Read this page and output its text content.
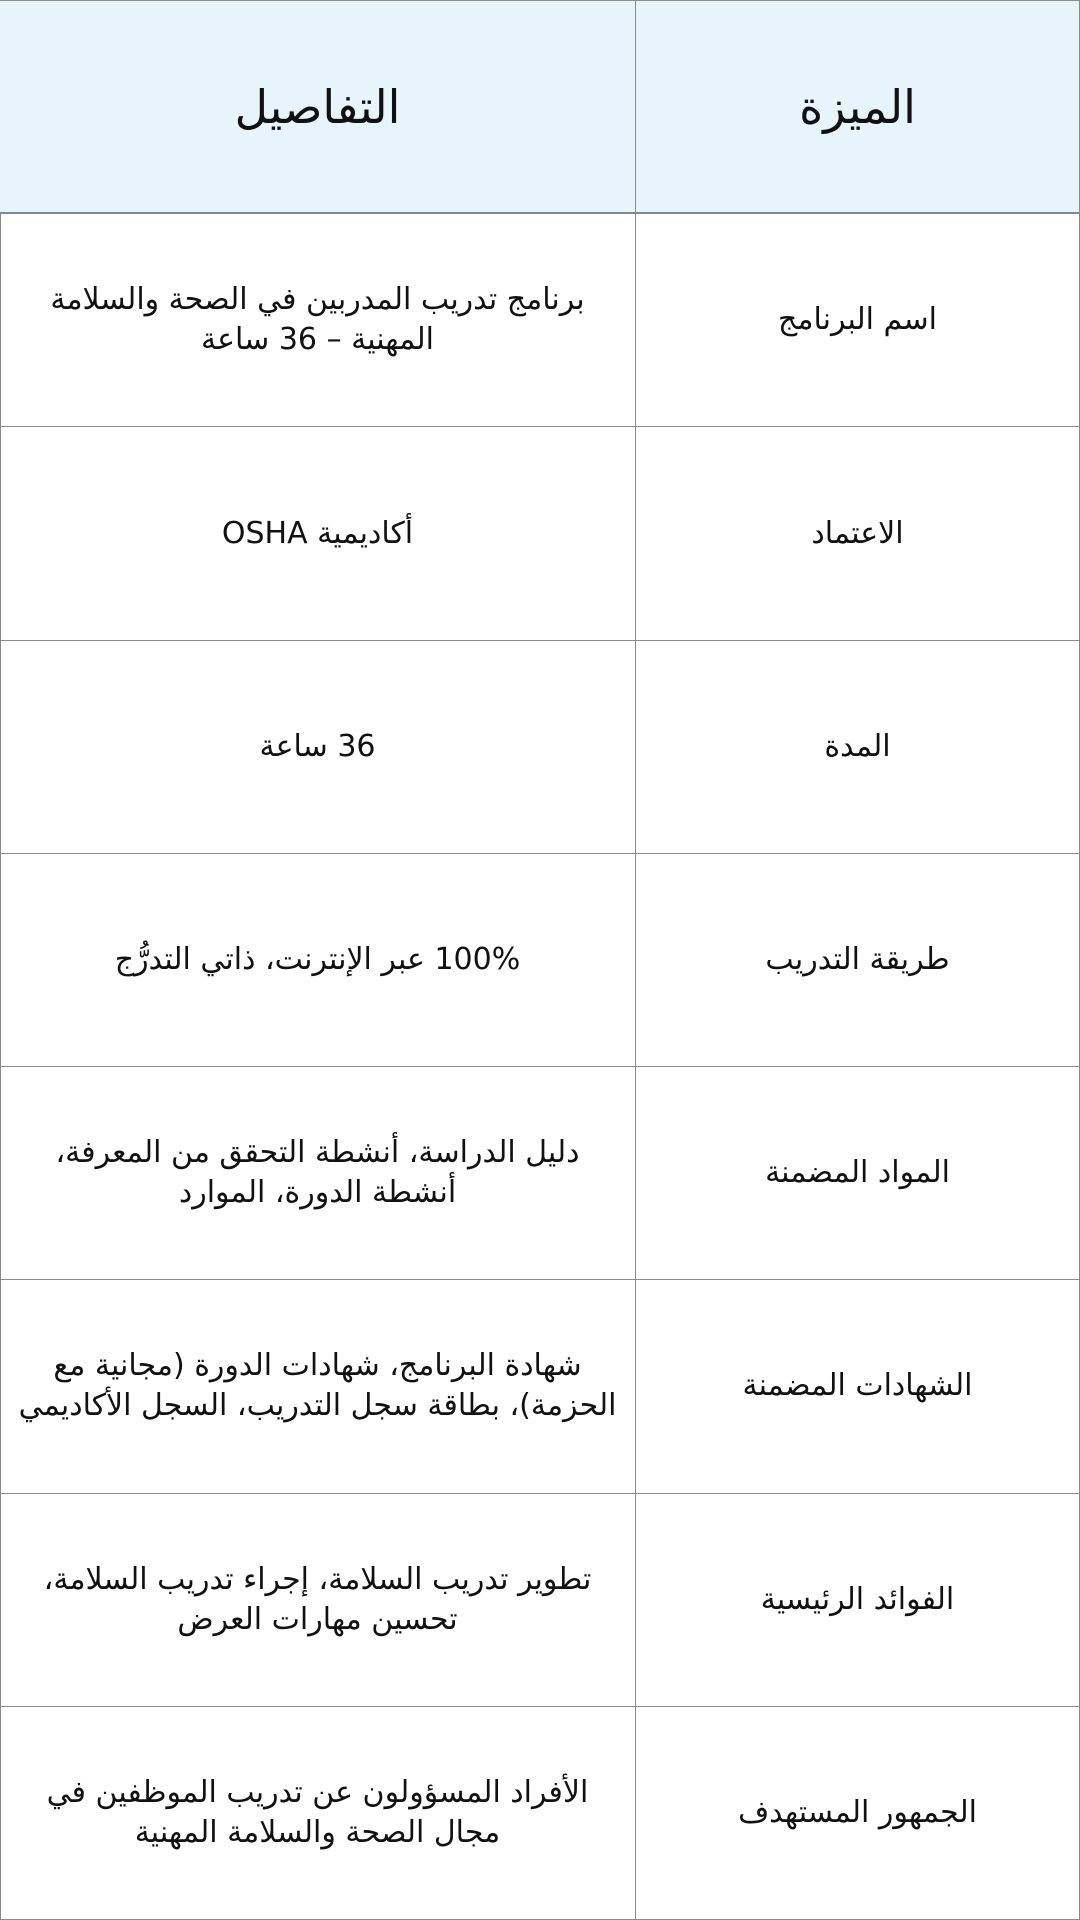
الميزة
التفاصيل
اسم البرنامج
برنامج تدريب المدربين في الصحة والسلامة المهنية – 36 ساعة
الاعتماد
أكاديمية OSHA
المدة
36 ساعة
طريقة التدريب
100% عبر الإنترنت، ذاتي التدرُّج
المواد المضمنة
دليل الدراسة، أنشطة التحقق من المعرفة، أنشطة الدورة، الموارد
الشهادات المضمنة
شهادة البرنامج، شهادات الدورة (مجانية مع الحزمة)، بطاقة سجل التدريب، السجل الأكاديمي
الفوائد الرئيسية
تطوير تدريب السلامة، إجراء تدريب السلامة، تحسين مهارات العرض
الجمهور المستهدف
الأفراد المسؤولون عن تدريب الموظفين في مجال الصحة والسلامة المهنية
